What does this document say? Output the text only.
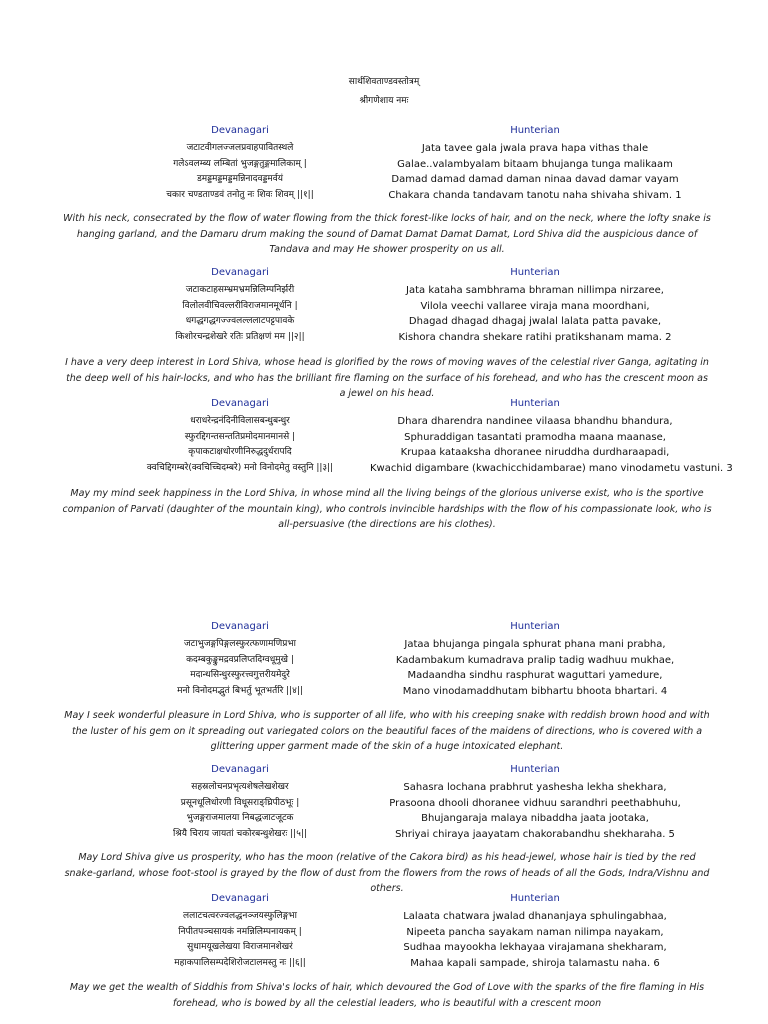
सार्थशिवताण्डवस्तोत्रम्
श्रीगणेशाय नमः
Devanagari
जटाटवीगलज्जलप्रवाहपावितस्थले
गलेऽवलम्ब्य लम्बितां भुजङ्गतुङ्गमालिकाम् |
डमड्डमड्डमड्डमन्निनादवड्डमर्वयं
चकार चण्डताण्डवं तनोतु नः शिवः शिवम् ||१||
Hunterian
Jata tavee gala jwala prava hapa vithas thale
Galae..valambyalam bitaam bhujanga tunga malikaam
Damad damad damad daman ninaa davad damar vayam
Chakara chanda tandavam tanotu naha shivaha shivam. 1
With his neck, consecrated by the flow of water flowing from the thick forest-like locks of hair, and on the neck, where the lofty snake is hanging garland, and the Damaru drum making the sound of Damat Damat Damat Damat, Lord Shiva did the auspicious dance of Tandava and may He shower prosperity on us all.
Devanagari
जटाकटाहसम्भ्रमभ्रमन्निलिम्पनिर्झरी
विलोलवीचिवल्लरीविराजमानमूर्धनि |
धगद्धगद्धगज्ज्वलल्ललाटपट्टपावके
किशोरचन्द्रशेखरे रतिः प्रतिक्षणं मम ||२||
Hunterian
Jata kataha sambhrama bhraman nillimpa nirzaree,
Vilola veechi vallaree viraja mana moordhani,
Dhagad dhagad dhagaj jwalal lalata patta pavake,
Kishora chandra shekare ratihi pratikshanam mama. 2
I have a very deep interest in Lord Shiva, whose head is glorified by the rows of moving waves of the celestial river Ganga, agitating in the deep well of his hair-locks, and who has the brilliant fire flaming on the surface of his forehead, and who has the crescent moon as a jewel on his head.
Devanagari
धराधरेन्द्रनंदिनीविलासबन्धुबन्धुर
स्फुरद्दिगन्तसन्ततिप्रमोदमानमानसे |
कृपाकटाक्षधोरणीनिरुद्धदुर्धरापदि
क्वचिद्दिगम्बरे(क्वचिच्चिदम्बरे) मनो विनोदमेतु वस्तुनि ||३||
Hunterian
Dhara dharendra nandinee vilaasa bhandhu bhandura,
Sphuraddigan tasantati pramodha maana maanase,
Krupaa kataaksha dhoranee niruddha durdharaapadi,
Kwachid digambare (kwachicchidambarae) mano vinodametu vastuni. 3
May my mind seek happiness in the Lord Shiva, in whose mind all the living beings of the glorious universe exist, who is the sportive companion of Parvati (daughter of the mountain king), who controls invincible hardships with the flow of his compassionate look, who is all-persuasive (the directions are his clothes).
Devanagari
जटाभुजङ्गपिङ्गलस्फुरत्फणामणिप्रभा
कदम्बकुङ्कुमद्रवप्रलिप्तदिग्वधूमुखे |
मदान्धसिन्धुरस्फुरत्त्वगुत्तरीयमेदुरे
मनो विनोदमद्भुतं बिभर्तु भूतभर्तरि ||४||
Hunterian
Jataa bhujanga pingala sphurat phana mani prabha,
Kadambakum kumadrava pralip tadig wadhuu mukhae,
Madaandha sindhu rasphurat waguttari yamedure,
Mano vinodamaddhutam bibhartu bhoota bhartari. 4
May I seek wonderful pleasure in Lord Shiva, who is supporter of all life, who with his creeping snake with reddish brown hood and with the luster of his gem on it spreading out variegated colors on the beautiful faces of the maidens of directions, who is covered with a glittering upper garment made of the skin of a huge intoxicated elephant.
Devanagari
सहस्रलोचनप्रभृत्यशेषलेखशेखर
प्रसूनधूलिधोरणी विधूसराङ्घ्रिपीठभूः |
भुजङ्गराजमालया निबद्धजाटजूटक
श्रियै चिराय जायतां चकोरबन्धुशेखरः ||५||
Hunterian
Sahasra lochana prabhrut yashesha lekha shekhara,
Prasoona dhooli dhoranee vidhuu sarandhri peethabhuhu,
Bhujangaraja malaya nibaddha jaata jootaka,
Shriyai chiraya jaayatam chakorabandhu shekharaha. 5
May Lord Shiva give us prosperity, who has the moon (relative of the Cakora bird) as his head-jewel, whose hair is tied by the red snake-garland, whose foot-stool is grayed by the flow of dust from the flowers from the rows of heads of all the Gods, Indra/Vishnu and others.
Devanagari
ललाटचत्वरज्वलद्धनञ्जयस्फुलिङ्गभा
निपीतपञ्चसायकं नमन्निलिम्पनायकम् |
सुधामयूखलेखया विराजमानशेखरं
महाकपालिसम्पदेशिरोजटालमस्तु नः ||६||
Hunterian
Lalaata chatwara jwalad dhananjaya sphulingabhaa,
Nipeeta pancha sayakam naman nilimpa nayakam,
Sudhaa mayookha lekhayaa virajamana shekharam,
Mahaa kapali sampade, shiroja talamastu naha. 6
May we get the wealth of Siddhis from Shiva's locks of hair, which devoured the God of Love with the sparks of the fire flaming in His forehead, who is bowed by all the celestial leaders, who is beautiful with a crescent moon
